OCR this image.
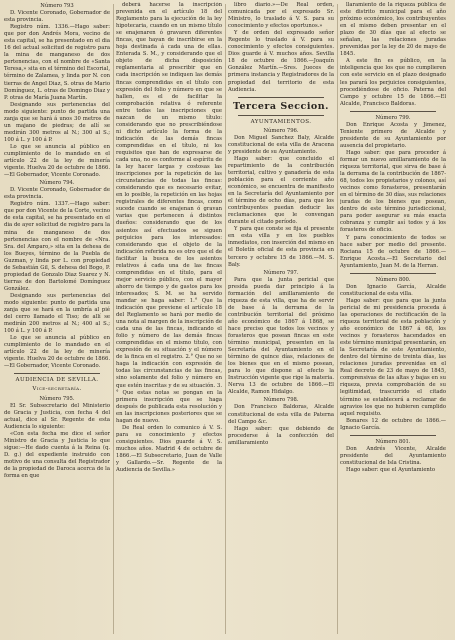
Número 793

D. Vicente Coronado, Gobernador de esta provincia.

Registro núm. 1336.—Hago saber: que por don Andrés Mora, vecino de esta capital, se ha presentado en el dia 16 del actual solicitud de registro para la mina de manganeso de dos pertenencias, con el nombre de «Santa Teresa,» sita en el término del Escorial, término de Zalamea, y linda por N. con tierras de Angel Diaz, S. otras de Mario Domínguez, L. otras de Domingo Diaz y P. otras de María Juana Martín.

Designando sus pertenencias del modo siguiente: punto de partida una zanja que se hará á unos 30 metros de un majano de piedras; de allí se medirán 300 metros al N.; 300 al S.; 100 á L. y 100 á P.

Lo que se anuncia al público en cumplimiento de lo mandado en el artículo 22 de la ley de minería vigente. Huelva 20 de octubre de 1866.—El Gobernador, Vicente Coronado.

Número 794.

D. Vicente Coronado, Gobernador de esta provincia.

Registro núm. 1337.—Hago saber: que por don Vicente de la Corte, vecino de esta capital, se ha presentado en el dia de ayer solicitud de registro para la mina de manganeso de dos pertenencias con el nombre de «Nra. Sra. del Amparo,» sita en la dehesa de los Bueyes, término de la Puebla de Guzman, y linda por L. con propiedad de Sebastián Gil, S. dehesa del Bogo, P. propiedad de Gonzalo Diaz Suarez y N. tierras de don Bartolomé Domínguez González.

Designando sus pertenencias del modo siguiente: punto de partida una zanja que se hará en la umbría al pié del cerro llamado el Tiso; de allí se medirán 200 metros al N.; 400 al S.; 100 á L. y 100 á P.

Lo que se anuncia al público en cumplimiento de lo mandado en el artículo 22 de la ley de minería vigente. Huelva 20 de octubre de 1866.—El Gobernador, Vicente Coronado.

AUDIENCIA DE SEVILLA.
Vice-secretaría.

Número 795.

El Sr. Subsecretario del Ministerio de Gracia y Justicia, con fecha 4 del actual, dice al Sr. Regente de esta Audiencia lo siguiente:

«Con esta fecha me dice el señor Ministro de Gracia y Justicia lo que sigue:—He dado cuenta á la Reina (q. D. g.) del expediente instruido con motivo de una consulta del Registrador de la propiedad de Daroca acerca de la forma en que

deberá hacerse la inscripción prevenida en el artículo 18 del Reglamento para la ejecución de la ley hipotecaria, cuando en un mismo título se enajenaren ó gravaren diferentes fincas, que hayan de inscribirse en la hoja destinada á cada una de ellas. Enterada S. M., y considerando que el objeto de dicha disposición reglamentaria al prescribir que en cada inscripción se indiquen las demás fincas comprendidas en el título con expresión del folio y número en que se hallen, es el de facilitar la comprobación relativa ó referente entre todas las inscripciones que nazcan de un mismo título: considerando que no prescribiéndose ni dicho artículo la forma de la indicación de las demás fincas comprendidas en el título, ni los requisitos que han de expresarse de cada una, no es conforme al espíritu de la ley hacer largas y costosas las inscripciones por la repetición de las circunstancias de todas las fincas: considerando que es necesario evitar, en lo posible, la repetición en las hojas registrales de diferentes fincas, como sucede cuando se enajenan ó gravan varias que pertenecen á distintos dueños: considerando que de los asientos así efectuados se siguen perjuicios para los interesados: considerando que el objeto de la indicación referida no es otro que el de facilitar la busca de los asientos relativos á cada una de las fincas comprendidas en el título, para el mejor servicio público, con el mayor ahorro de tiempo y de gastos para los interesados; S. M. se ha servido mandar se haga saber: 1.° Que la indicación que previene el artículo 18 del Reglamento se hará por medio de una nota al margen de la inscripción de cada una de las fincas, indicando el folio y número de las demás fincas comprendidas en el mismo título, con expresión de su situación y el número de la finca en el registro. 2.° Que no se haga la indicación con expresión de todas las circunstancias de las fincas, sino solamente del folio y número en que estén inscritas y de su situación. 3.° Que estas notas se pongan en la primera inscripción que se haga después de publicada esta resolución y en las inscripciones posteriores que se hagan de nuevo.

De Real orden lo comunico á V. S. para su conocimiento y efectos consiguientes. Dios guarde á V. S. muchos años. Madrid 4 de octubre de 1866.—El Subsecretario, Juan de Valle y Gallardo.—Sr. Regente de la Audiencia de Sevilla.»

libro diario.»—De Real orden, comunicada por el expresado Sr. Ministro, lo traslado á V. S. para su conocimiento y efectos oportunos.»

Y de orden del expresado señor Regente lo traslado á V. para su conocimiento y efectos consiguientes. Dios guarde á V. muchos años. Sevilla 18 de octubre de 1866.—Joaquín González Martín.—Sres. Jueces de primera instancia y Registradores de la propiedad del territorio de esta Audiencia.

Tercera Seccion.
AYUNTAMIENTOS.

Número 796.

Don Miguel Sanchez Baly, Alcalde constitucional de esta villa de Aracena y presidente de su Ayuntamiento.

Hago saber: que concluido el repartimiento de la contribución territorial, cultivo y ganadería de esta población para el corriente año económico, se encuentra de manifiesto en la Secretaría del Ayuntamiento por el término de ocho días, para que los contribuyentes puedan deducir las reclamaciones que le convengan durante el citado período.

Y para que conste se fija el presente en esta villa y en los pueblos inmediatos, con inserción del mismo en el Boletín oficial de esta provincia en tercero y octubre 15 de 1866.—M. S. Baly.

Número 797.

Para que la junta pericial que presida pueda dar principio á la formación del amillaramiento de riqueza de esta villa, que ha de servir de base á la derrama de la contribución territorial del próximo año económico de 1867 á 1868, se hace preciso que todos los vecinos y forasteros que posean fincas en este término municipal, presenten en la Secretaría del Ayuntamiento en el término de quince días, relaciones de los bienes que en el mismo posean, para lo que dispone al efecto la Instrucción vigente que rige la materia. Nerva 13 de octubre de 1866.—El Alcalde, Ramon Hidalgo.

Número 798.

Don Francisco Baldoras, Alcalde constitucional de esta villa de Paterna del Campo &c.

Hago saber: que debiendo de procederse á la confección del amillaramiento

llaramiento de la riqueza pública de este distrito municipal para el año próximo económico, los contribuyentes en el mismo deben presentar en el plazo de 30 días que al efecto se señalan, las relaciones juradas prevenidas por la ley de 20 de mayo de 1845.

A este fin es público, en la inteligencia que los que no cumplieren con este servicio en el plazo designado les parará los perjuicios consiguientes, procediéndose de oficio. Paterna del Campo y octubre 15 de 1866.—El Alcalde, Francisco Baldoras.

Número 799.

Don Enrique Acosta y Jimenez, Teniente primero de Alcalde y presidente de su Ayuntamiento por ausencia del propietario.

Hago saber: que para proceder á formar un nuevo amillaramiento de la riqueza territorial, que sirva de base á la derrama de la contribución de 1867-68, todos los propietarios y colonos, así vecinos como forasteros, presentarán en el término de 30 días, sus relaciones juradas de los bienes que posean, dentro de este término jurisdiccional, para poder asegurar su más exacta cobranza y cumplir así todos y á los forasteros de oficio.

Y para conocimiento de todos se hace saber por medio del presente. Rociana 15 de octubre de 1866.—Enrique Acosta.—El Secretario del Ayuntamiento, Juan M. de la Herran.

Número 800.

Don Ignacio García, Alcalde constitucional de esta villa.

Hago saber: que para que la junta pericial de mi presidencia proceda á las operaciones de rectificación de la riqueza territorial de esta población y año económico de 1867 á 68, los vecinos y forasteros hacendados en este término municipal presentarán, en la Secretaría de este Ayuntamiento, dentro del término de treinta días, las relaciones juradas prevenidas en el Real decreto de 23 de mayo de 1845, comprensivas de las altas y bajas en su riqueza, previa comprobación de su legitimidad, trascurrido el citado término se establecerá a reclamar de agravios los que no hubieren cumplido aquel requisito.

Bonares 12 de octubre de 1866.—Ignacio García.

Número 801.

Don Andrés Vicente, Alcalde presidente del Ayuntamiento constitucional de Isla Cristina.

Hago saber: que el Ayuntamiento
